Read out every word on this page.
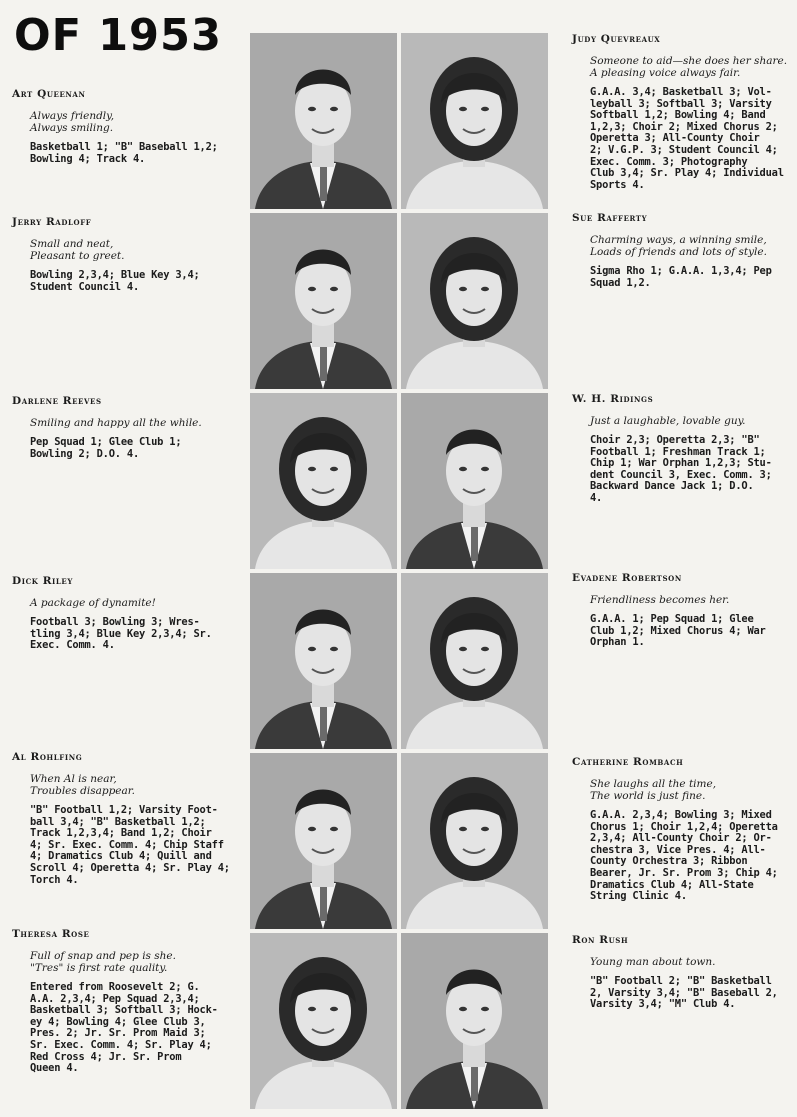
OF 1953
Art Queenan
Always friendly,
Always smiling.
Basketball 1; "B" Baseball 1,2;
Bowling 4; Track 4.
Jerry Radloff
Small and neat,
Pleasant to greet.
Bowling 2,3,4; Blue Key 3,4;
Student Council 4.
Darlene Reeves
Smiling and happy all the while.
Pep Squad 1; Glee Club 1;
Bowling 2; D.O. 4.
Dick Riley
A package of dynamite!
Football 3; Bowling 3; Wres-
tling 3,4; Blue Key 2,3,4; Sr.
Exec. Comm. 4.
Al Rohlfing
When Al is near,
Troubles disappear.
"B" Football 1,2; Varsity Foot-
ball 3,4; "B" Basketball 1,2;
Track 1,2,3,4; Band 1,2; Choir
4; Sr. Exec. Comm. 4; Chip Staff
4; Dramatics Club 4; Quill and
Scroll 4; Operetta 4; Sr. Play 4;
Torch 4.
Theresa Rose
Full of snap and pep is she.
"Tres" is first rate quality.
Entered from Roosevelt 2; G.
A.A. 2,3,4; Pep Squad 2,3,4;
Basketball 3; Softball 3; Hock-
ey 4; Bowling 4; Glee Club 3,
Pres. 2; Jr. Sr. Prom Maid 3;
Sr. Exec. Comm. 4; Sr. Play 4;
Red Cross 4; Jr. Sr. Prom
Queen 4.
Judy Quevreaux
Someone to aid—she does her share.
A pleasing voice always fair.
G.A.A. 3,4; Basketball 3; Vol-
leyball 3; Softball 3; Varsity
Softball 1,2; Bowling 4; Band
1,2,3; Choir 2; Mixed Chorus 2;
Operetta 3; All-County Choir
2; V.G.P. 3; Student Council 4;
Exec. Comm. 3; Photography
Club 3,4; Sr. Play 4; Individual
Sports 4.
Sue Rafferty
Charming ways, a winning smile,
Loads of friends and lots of style.
Sigma Rho 1; G.A.A. 1,3,4; Pep
Squad 1,2.
W. H. Ridings
Just a laughable, lovable guy.
Choir 2,3; Operetta 2,3; "B"
Football 1; Freshman Track 1;
Chip 1; War Orphan 1,2,3; Stu-
dent Council 3, Exec. Comm. 3;
Backward Dance Jack 1; D.O.
4.
Evadene Robertson
Friendliness becomes her.
G.A.A. 1; Pep Squad 1; Glee
Club 1,2; Mixed Chorus 4; War
Orphan 1.
Catherine Rombach
She laughs all the time,
The world is just fine.
G.A.A. 2,3,4; Bowling 3; Mixed
Chorus 1; Choir 1,2,4; Operetta
2,3,4; All-County Choir 2; Or-
chestra 3, Vice Pres. 4; All-
County Orchestra 3; Ribbon
Bearer, Jr. Sr. Prom 3; Chip 4;
Dramatics Club 4; All-State
String Clinic 4.
Ron Rush
Young man about town.
"B" Football 2; "B" Basketball
2, Varsity 3,4; "B" Baseball 2,
Varsity 3,4; "M" Club 4.
